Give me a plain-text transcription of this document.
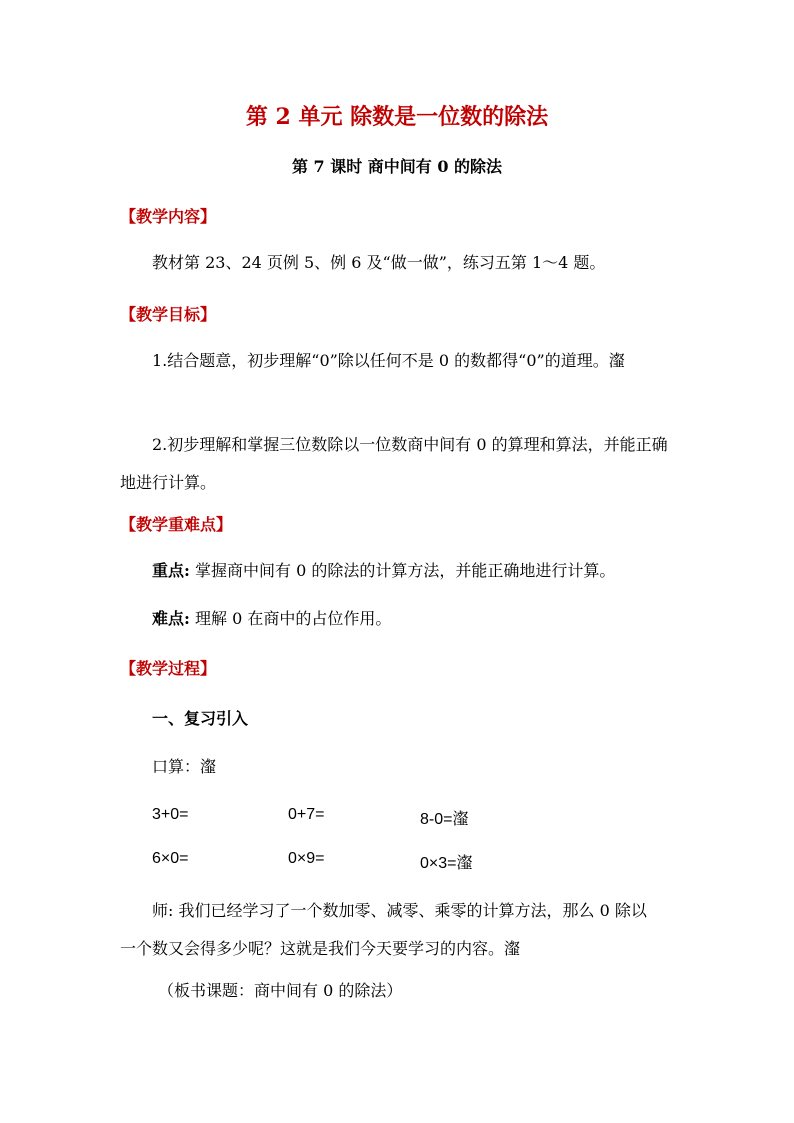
第 2 单元 除数是一位数的除法
第 7 课时 商中间有 0 的除法
【教学内容】
教材第 23、24 页例 5、例 6 及“做一做”，练习五第 1～4 题。
【教学目标】
1.结合题意，初步理解“0”除以任何不是 0 的数都得“0”的道理。瀣
2.初步理解和掌握三位数除以一位数商中间有 0 的算理和算法，并能正确地进行计算。
【教学重难点】
重点: 掌握商中间有 0 的除法的计算方法，并能正确地进行计算。
难点: 理解 0 在商中的占位作用。
【教学过程】
一、复习引入
口算：瀣
3+0=	0+7=	8-0=瀣
6×0=	0×9=	0×3=瀣
师: 我们已经学习了一个数加零、减零、乘零的计算方法，那么 0 除以一个数又会得多少呢？这就是我们今天要学习的内容。瀣
（板书课题：商中间有 0 的除法）
